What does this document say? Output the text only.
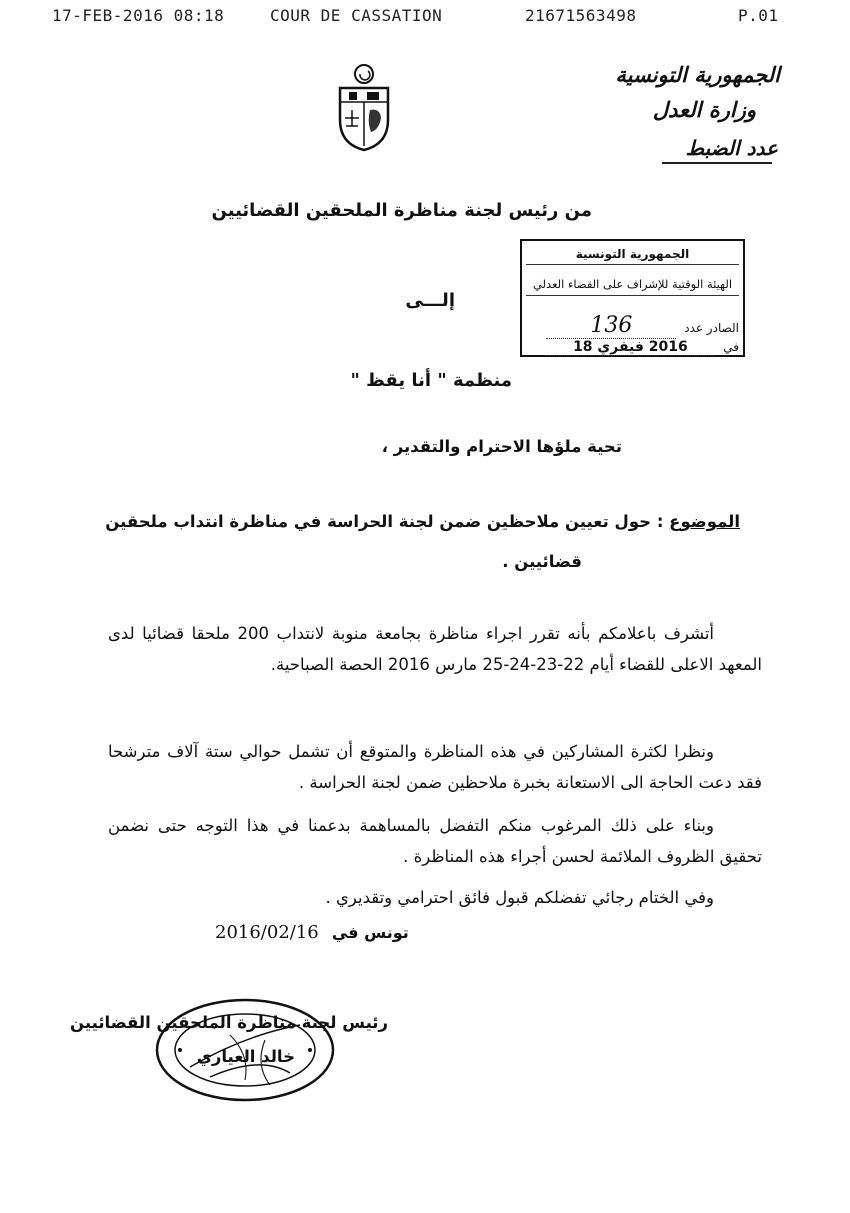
17-FEB-2016 08:18	COUR DE CASSATION	21671563498	P.01
الجمهورية التونسية
وزارة العدل
عدد الضبط
من رئيس لجنة مناظرة الملحقين القضائيين
الجمهورية التونسية
الهيئة الوقتية للإشراف على القضاء العدلي
الصادر عدد 136
في 2016 فيفري 18
إلـــى
منظمة " أنا يقظ "
تحية ملؤها الاحترام والتقدير ،
الموضوع : حول تعيين ملاحظين ضمن لجنة الحراسة في مناظرة انتداب ملحقين
قضائيين .
أتشرف باعلامكم بأنه تقرر اجراء مناظرة بجامعة منوبة لانتداب 200 ملحقا قضائيا لدى المعهد الاعلى للقضاء أيام 22-23-24-25 مارس 2016 الحصة الصباحية.
ونظرا لكثرة المشاركين في هذه المناظرة والمتوقع أن تشمل حوالي ستة آلاف مترشحا فقد دعت الحاجة الى الاستعانة بخبرة ملاحظين ضمن لجنة الحراسة .
وبناء على ذلك المرغوب منكم التفضل بالمساهمة بدعمنا في هذا التوجه حتى نضمن تحقيق الظروف الملائمة لحسن أجراء هذه المناظرة .
وفي الختام رجائي تفضلكم قبول فائق احترامي وتقديري .
2016/02/16 تونس في
رئيس لجنة مناظرة الملحقين القضائيين
خالد العياري
